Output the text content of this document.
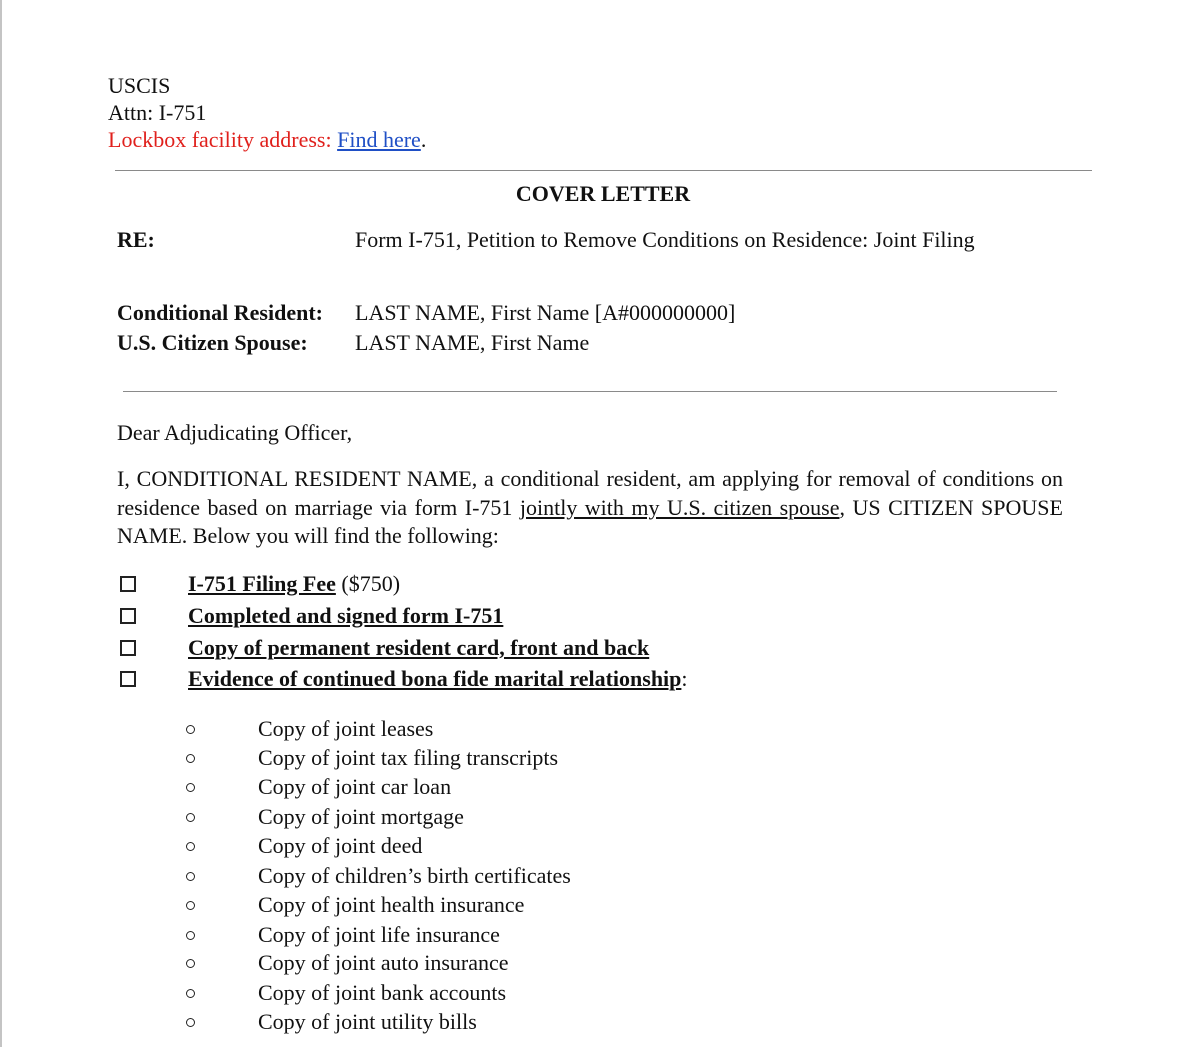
USCIS
Attn: I-751
Lockbox facility address: Find here.
COVER LETTER
RE:	Form I-751, Petition to Remove Conditions on Residence: Joint Filing
Conditional Resident: LAST NAME, First Name [A#000000000]
U.S. Citizen Spouse: LAST NAME, First Name
Dear Adjudicating Officer,
I, CONDITIONAL RESIDENT NAME, a conditional resident, am applying for removal of conditions on residence based on marriage via form I-751 jointly with my U.S. citizen spouse, US CITIZEN SPOUSE NAME. Below you will find the following:
I-751 Filing Fee ($750)
Completed and signed form I-751
Copy of permanent resident card, front and back
Evidence of continued bona fide marital relationship:
Copy of joint leases
Copy of joint tax filing transcripts
Copy of joint car loan
Copy of joint mortgage
Copy of joint deed
Copy of children’s birth certificates
Copy of joint health insurance
Copy of joint life insurance
Copy of joint auto insurance
Copy of joint bank accounts
Copy of joint utility bills
